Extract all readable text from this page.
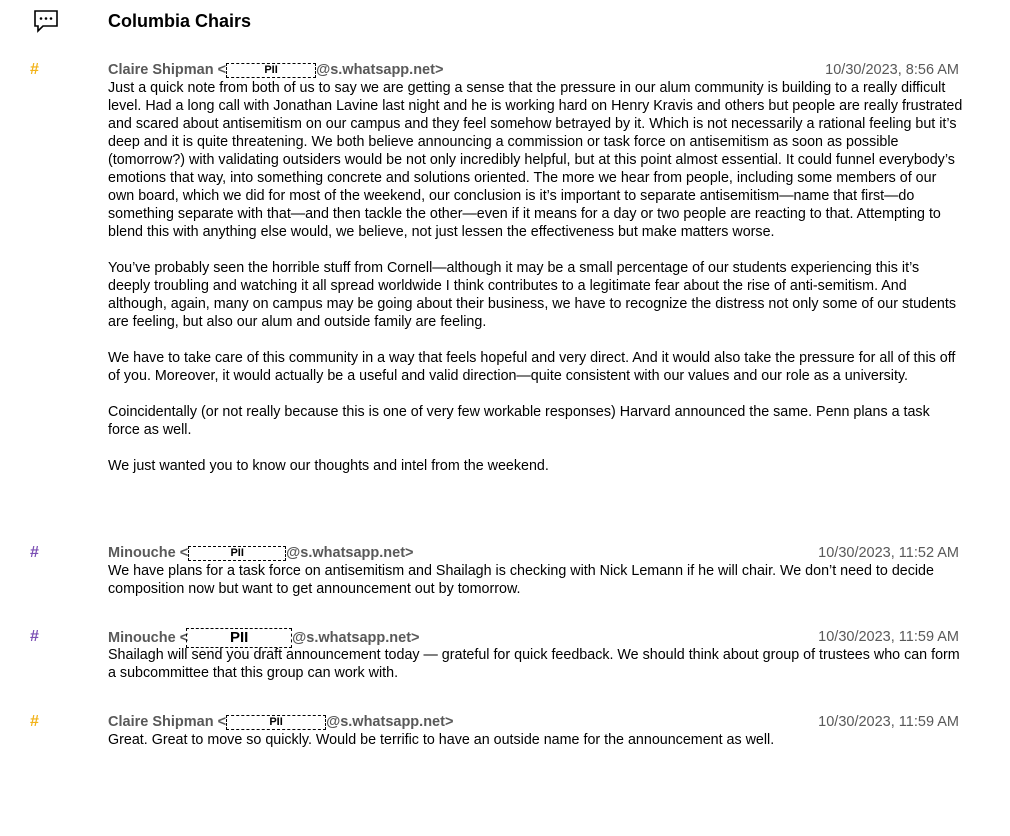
Columbia Chairs
#	Claire Shipman <	PII	@s.whatsapp.net>	10/30/2023, 8:56 AM

Just a quick note from both of us to say we are getting a sense that the pressure in our alum community is building to a really difficult level. Had a long call with Jonathan Lavine last night and he is working hard on Henry Kravis and others but people are really frustrated and scared about antisemitism on our campus and they feel somehow betrayed by it. Which is not necessarily a rational feeling but it’s deep and it is quite threatening. We both believe announcing a commission or task force on antisemitism as soon as possible (tomorrow?) with validating outsiders would be not only incredibly helpful, but at this point almost essential. It could funnel everybody’s emotions that way, into something concrete and solutions oriented. The more we hear from people, including some members of our own board, which we did for most of the weekend, our conclusion is it’s important to separate antisemitism—name that first—do something separate with that—and then tackle the other—even if it means for a day or two people are reacting to that. Attempting to blend this with anything else would, we believe, not just lessen the effectiveness but make matters worse.

You’ve probably seen the horrible stuff from Cornell—although it may be a small percentage of our students experiencing this it’s deeply troubling and watching it all spread worldwide I think contributes to a legitimate fear about the rise of anti-semitism. And although, again, many on campus may be going about their business, we have to recognize the distress not only some of our students are feeling, but also our alum and outside family are feeling.

We have to take care of this community in a way that feels hopeful and very direct. And it would also take the pressure for all of this off of you. Moreover, it would actually be a useful and valid direction—quite consistent with our values and our role as a university.

Coincidentally (or not really because this is one of very few workable responses) Harvard announced the same. Penn plans a task force as well.

We just wanted you to know our thoughts and intel from the weekend.

#	Minouche <	PII	@s.whatsapp.net>	10/30/2023, 11:52 AM

We have plans for a task force on antisemitism and Shailagh is checking with Nick Lemann if he will chair. We don’t need to decide composition now but want to get announcement out by tomorrow.

#	Minouche <	PII	@s.whatsapp.net>	10/30/2023, 11:59 AM

Shailagh will send you draft announcement today — grateful for quick feedback. We should think about group of trustees who can form a subcommittee that this group can work with.

#	Claire Shipman <	PII	@s.whatsapp.net>	10/30/2023, 11:59 AM

Great. Great to move so quickly. Would be terrific to have an outside name for the announcement as well.
